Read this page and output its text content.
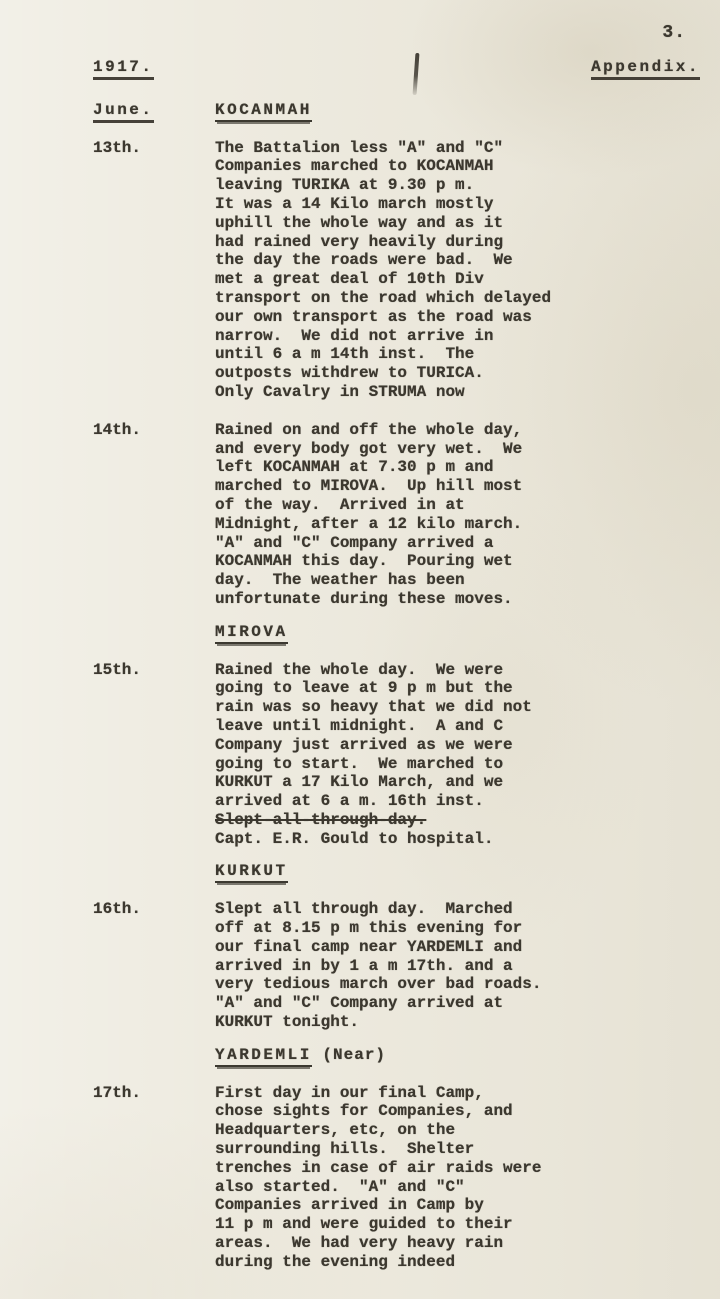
3.
1917.	Appendix.
June.	KOCANMAH
13th.	The Battalion less "A" and "C"
Companies marched to KOCANMAH
leaving TURIKA at 9.30 p m.
It was a 14 Kilo march mostly
uphill the whole way and as it
had rained very heavily during
the day the roads were bad.  We
met a great deal of 10th Div
transport on the road which delayed
our own transport as the road was
narrow.  We did not arrive in
until 6 a m 14th inst.  The
outposts withdrew to TURICA.
Only Cavalry in STRUMA now
14th.	Rained on and off the whole day,
and every body got very wet.  We
left KOCANMAH at 7.30 p m and
marched to MIROVA.  Up hill most
of the way.  Arrived in at
Midnight, after a 12 kilo march.
"A" and "C" Company arrived a
KOCANMAH this day.  Pouring wet
day.  The weather has been
unfortunate during these moves.
MIROVA
15th.	Rained the whole day.  We were
going to leave at 9 p m but the
rain was so heavy that we did not
leave until midnight.  A and C
Company just arrived as we were
going to start.  We marched to
KURKUT a 17 Kilo March, and we
arrived at 6 a m. 16th inst.
Slept-all-through-day.
Capt. E.R. Gould to hospital.
KURKUT
16th.	Slept all through day.  Marched
off at 8.15 p m this evening for
our final camp near YARDEMLI and
arrived in by 1 a m 17th. and a
very tedious march over bad roads.
"A" and "C" Company arrived at
KURKUT tonight.
YARDEMLI (Near)
17th.	First day in our final Camp,
chose sights for Companies, and
Headquarters, etc, on the
surrounding hills.  Shelter
trenches in case of air raids were
also started.  "A" and "C"
Companies arrived in Camp by
11 p m and were guided to their
areas.  We had very heavy rain
during the evening indeed
